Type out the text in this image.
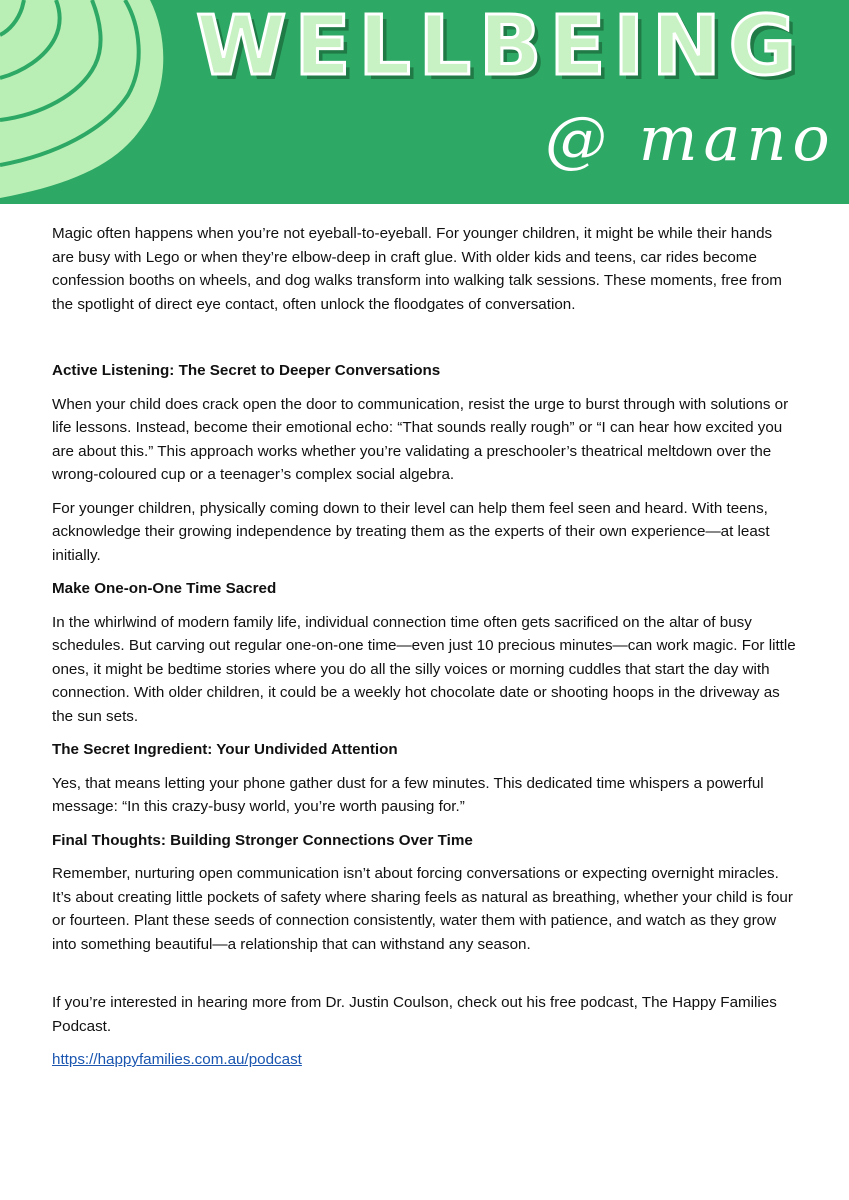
WELLBEING
@ mano

Magic often happens when you’re not eyeball-to-eyeball. For younger children, it might be while their hands are busy with Lego or when they’re elbow-deep in craft glue. With older kids and teens, car rides become confession booths on wheels, and dog walks transform into walking talk sessions. These moments, free from the spotlight of direct eye contact, often unlock the floodgates of conversation.

Active Listening: The Secret to Deeper Conversations

When your child does crack open the door to communication, resist the urge to burst through with solutions or life lessons. Instead, become their emotional echo: “That sounds really rough” or “I can hear how excited you are about this.” This approach works whether you’re validating a preschooler’s theatrical meltdown over the wrong-coloured cup or a teenager’s complex social algebra.

For younger children, physically coming down to their level can help them feel seen and heard. With teens, acknowledge their growing independence by treating them as the experts of their own experience—at least initially.

Make One-on-One Time Sacred

In the whirlwind of modern family life, individual connection time often gets sacrificed on the altar of busy schedules. But carving out regular one-on-one time—even just 10 precious minutes—can work magic. For little ones, it might be bedtime stories where you do all the silly voices or morning cuddles that start the day with connection. With older children, it could be a weekly hot chocolate date or shooting hoops in the driveway as the sun sets.

The Secret Ingredient: Your Undivided Attention

Yes, that means letting your phone gather dust for a few minutes. This dedicated time whispers a powerful message: “In this crazy-busy world, you’re worth pausing for.”

Final Thoughts: Building Stronger Connections Over Time

Remember, nurturing open communication isn’t about forcing conversations or expecting overnight miracles. It’s about creating little pockets of safety where sharing feels as natural as breathing, whether your child is four or fourteen. Plant these seeds of connection consistently, water them with patience, and watch as they grow into something beautiful—a relationship that can withstand any season.

If you’re interested in hearing more from Dr. Justin Coulson, check out his free podcast, The Happy Families Podcast.

https://happyfamilies.com.au/podcast
